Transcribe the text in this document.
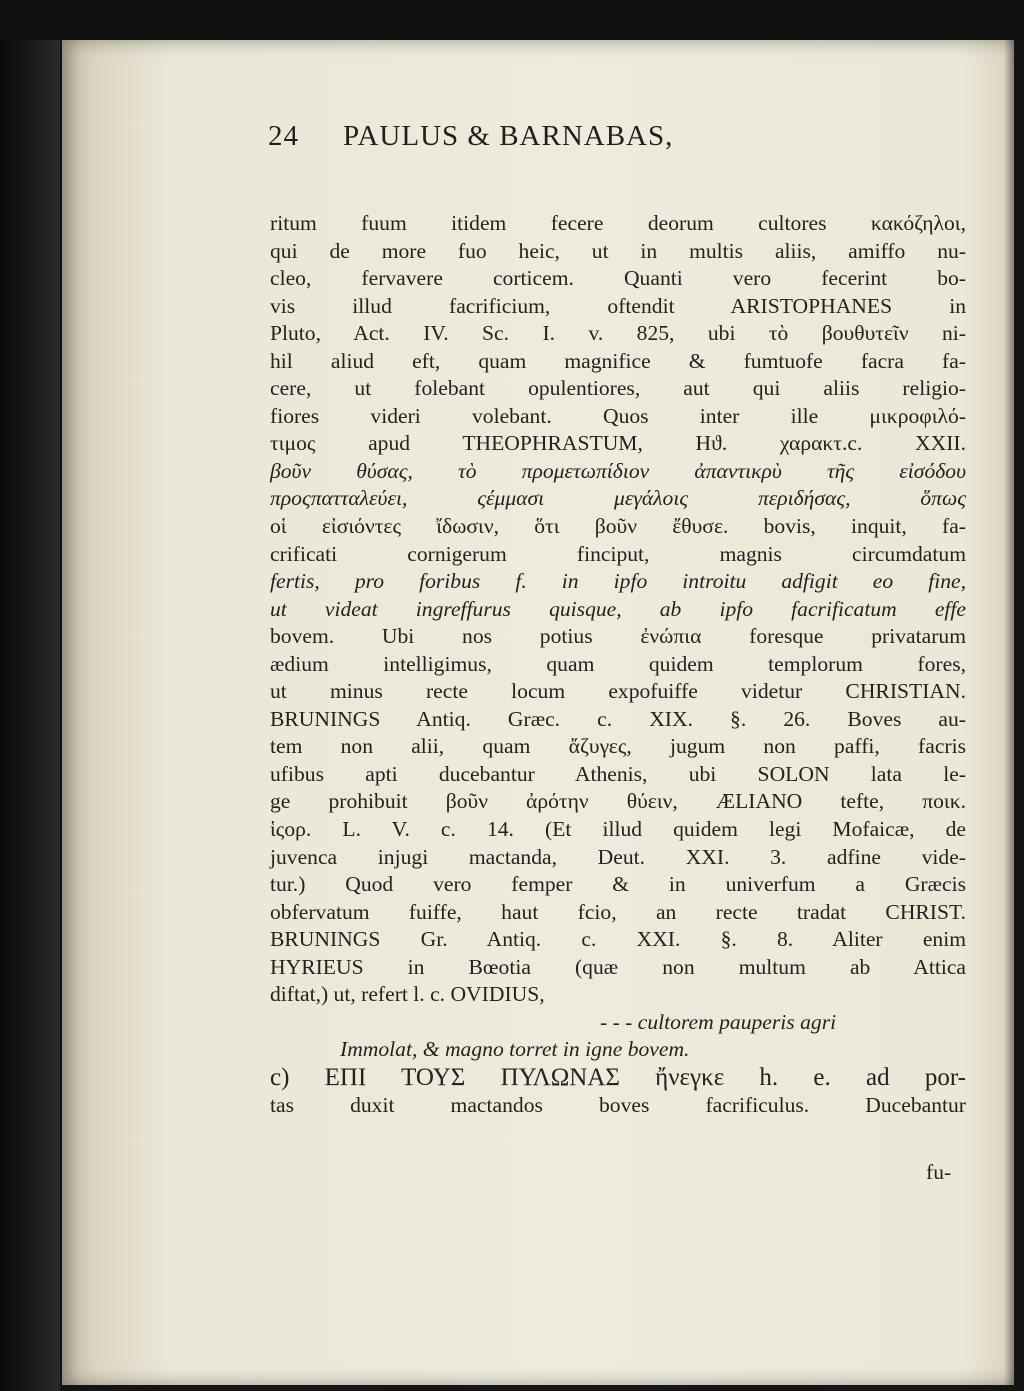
24 PAULUS & BARNABAS,
ritum fuum itidem fecere deorum cultores κακόζηλοι,
qui de more fuo heic, ut in multis aliis, amiffo nu-
cleo, fervavere corticem. Quanti vero fecerint bo-
vis illud facrificium, oftendit ARISTOPHANES in
Pluto, Act. IV. Sc. I. v. 825, ubi τὸ βουθυτεῖν ni-
hil aliud eft, quam magnifice & fumtuofe facra fa-
cere, ut folebant opulentiores, aut qui aliis religio-
fiores videri volebant. Quos inter ille μικροφιλό-
τιμος apud THEOPHRASTUM, Hϑ. χαρακτ.c. XXII.
βοῦν θύσας, τὸ προμετωπίδιον ἀπαντικρὺ τῆς εἰσόδου
προςπατταλεύει, ςέμμασι μεγάλοις περιδήσας, ὅπως
οἱ εἰσιόντες ἴδωσιν, ὅτι βοῦν ἔθυσε. bovis, inquit, fa-
crificati cornigerum finciput, magnis circumdatum
fertis, pro foribus f. in ipfo introitu adfigit eo fine,
ut videat ingreffurus quisque, ab ipfo facrificatum effe
bovem. Ubi nos potius ἐνώπια foresque privatarum
ædium intelligimus, quam quidem templorum fores,
ut minus recte locum expofuiffe videtur CHRISTIAN.
BRUNINGS Antiq. Græc. c. XIX. §. 26. Boves au-
tem non alii, quam ἄζυγες, jugum non paffi, facris
ufibus apti ducebantur Athenis, ubi SOLON lata le-
ge prohibuit βοῦν ἀρότην θύειν, ÆLIANO tefte, ποικ.
ἱςορ. L. V. c. 14. (Et illud quidem legi Mofaicæ, de
juvenca injugi mactanda, Deut. XXI. 3. adfine vide-
tur.) Quod vero femper & in univerfum a Græcis
obfervatum fuiffe, haut fcio, an recte tradat CHRIST.
BRUNINGS Gr. Antiq. c. XXI. §. 8. Aliter enim
HYRIEUS in Bœotia (quæ non multum ab Attica
diftat,) ut, refert l. c. OVIDIUS,
- - - cultorem pauperis agri
Immolat, & magno torret in igne bovem.
c) ΕΠΙ ΤΟΥΣ ΠΥΛΩΝΑΣ ἤνεγκε h. e. ad por-
tas duxit mactandos boves facrificulus. Ducebantur
fu-
